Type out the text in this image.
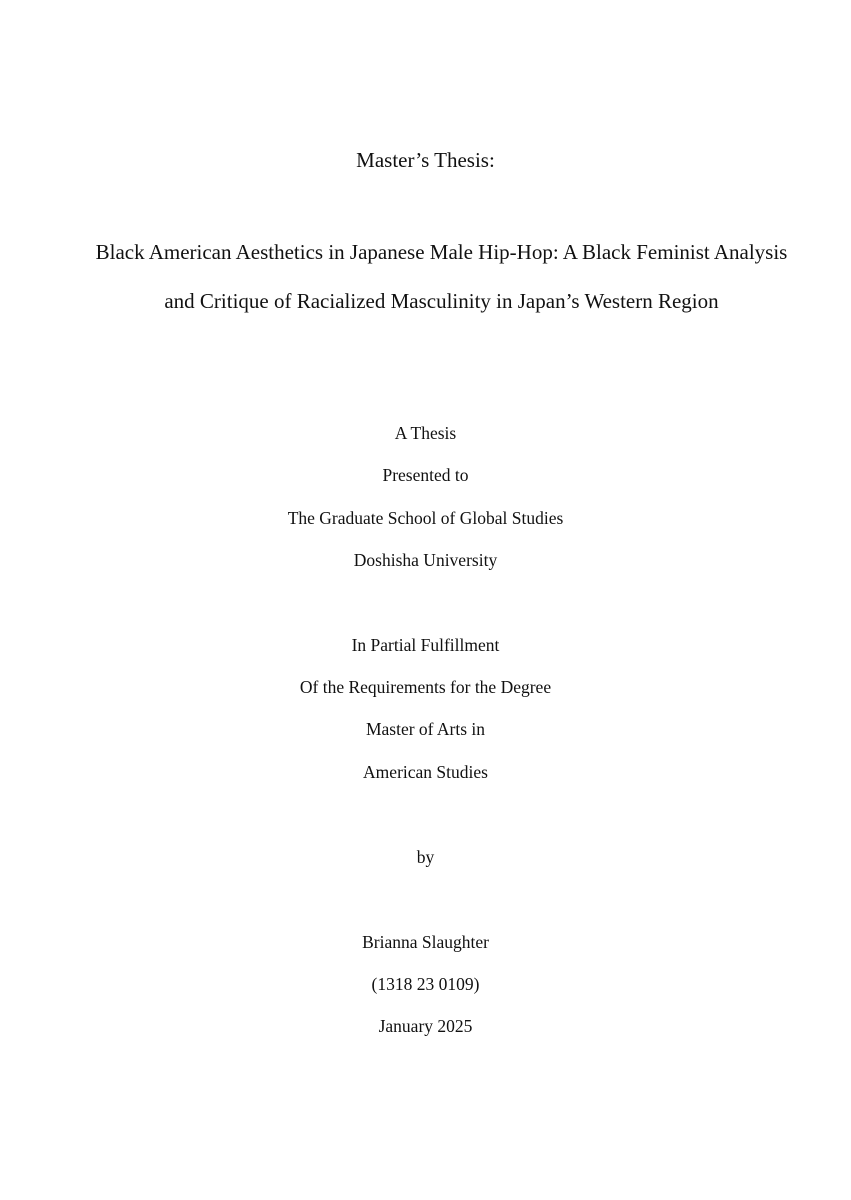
Master’s Thesis:
Black American Aesthetics in Japanese Male Hip-Hop: A Black Feminist Analysis
and Critique of Racialized Masculinity in Japan’s Western Region
A Thesis
Presented to
The Graduate School of Global Studies
Doshisha University
In Partial Fulfillment
Of the Requirements for the Degree
Master of Arts in
American Studies
by
Brianna Slaughter
(1318 23 0109)
January 2025
